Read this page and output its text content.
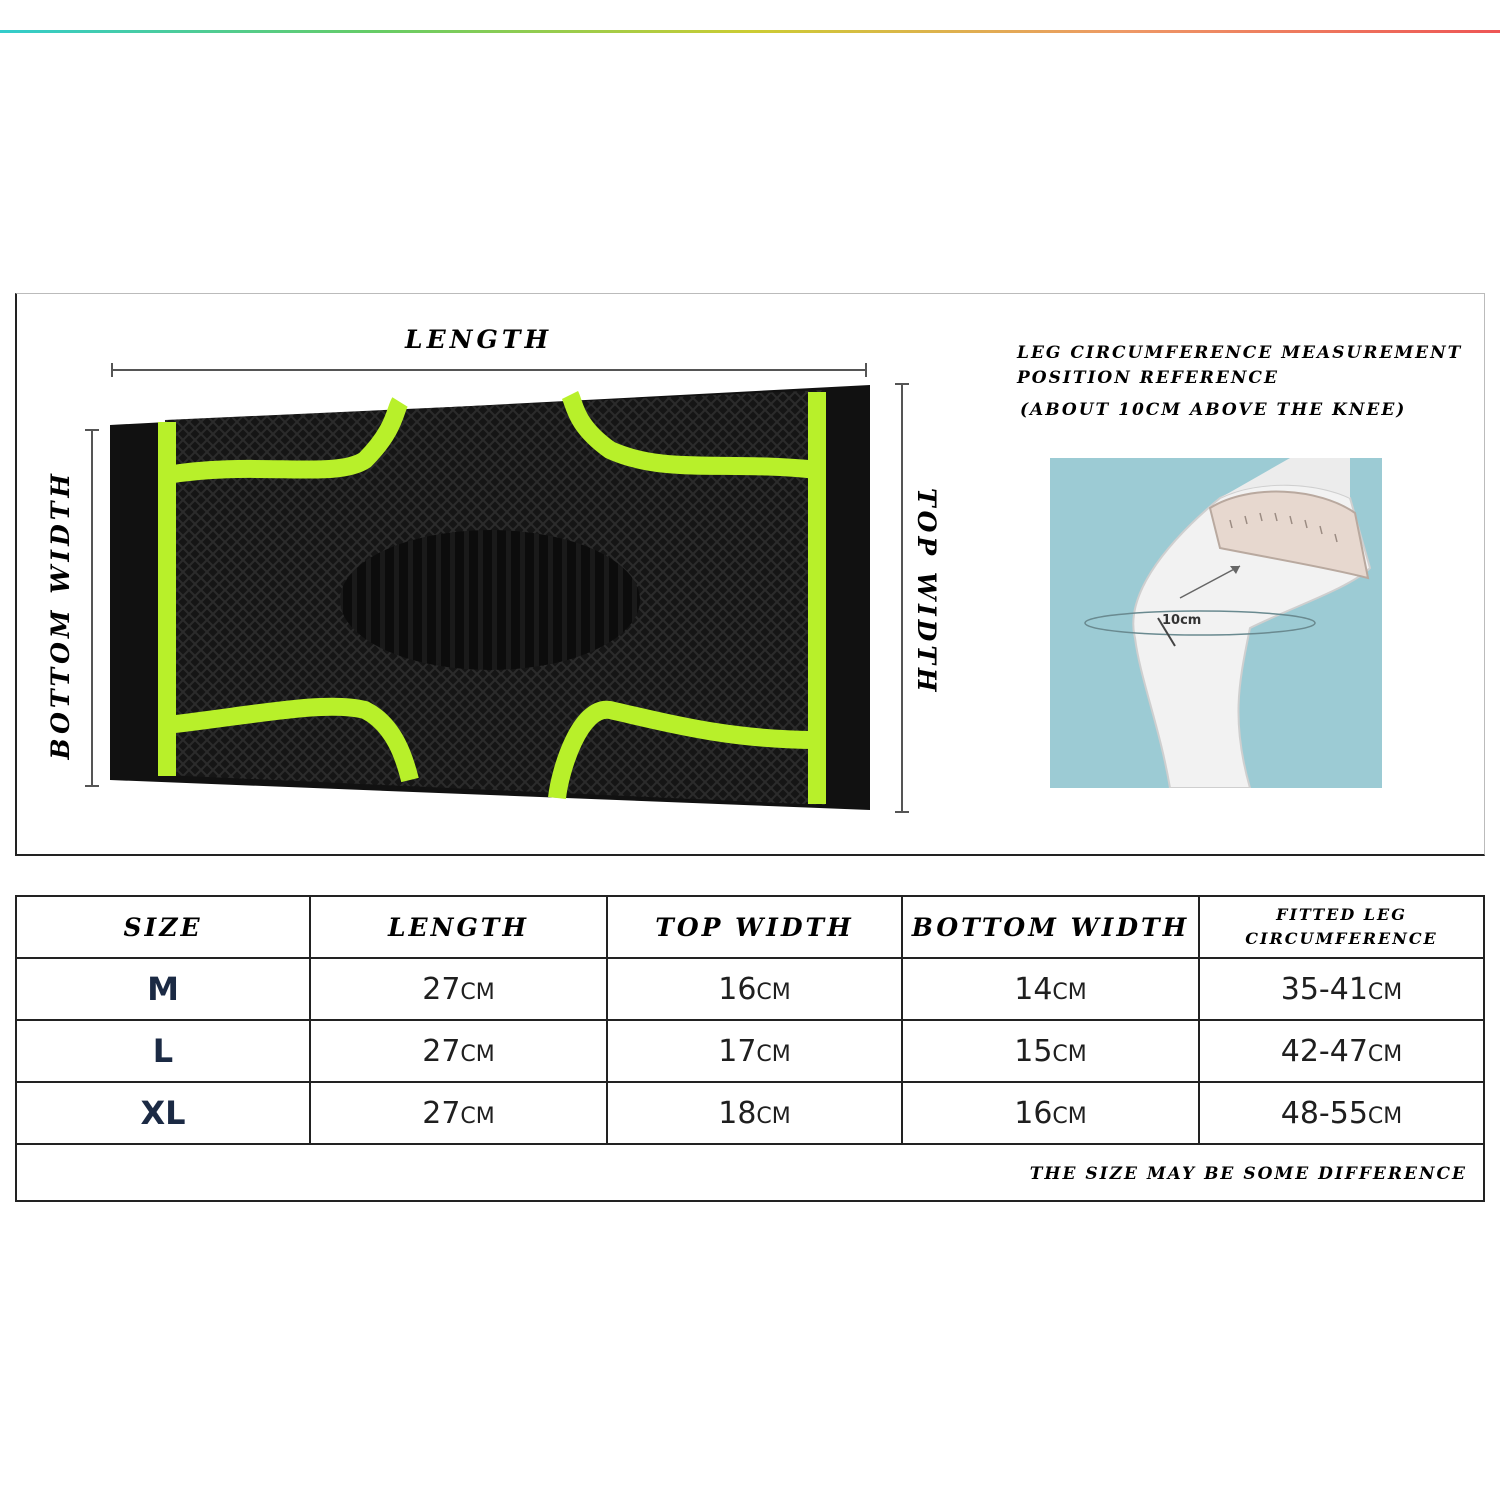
LENGTH
BOTTOM WIDTH	TOP WIDTH
LEG CIRCUMFERENCE MEASUREMENT
POSITION REFERENCE
(ABOUT 10CM ABOVE THE KNEE)
10cm
SIZE	LENGTH	TOP WIDTH	BOTTOM WIDTH	FITTED LEG
CIRCUMFERENCE

M	27CM	16CM	14CM	35-41CM
L	27CM	17CM	15CM	42-47CM
XL	27CM	18CM	16CM	48-55CM
THE SIZE MAY BE SOME DIFFERENCE
